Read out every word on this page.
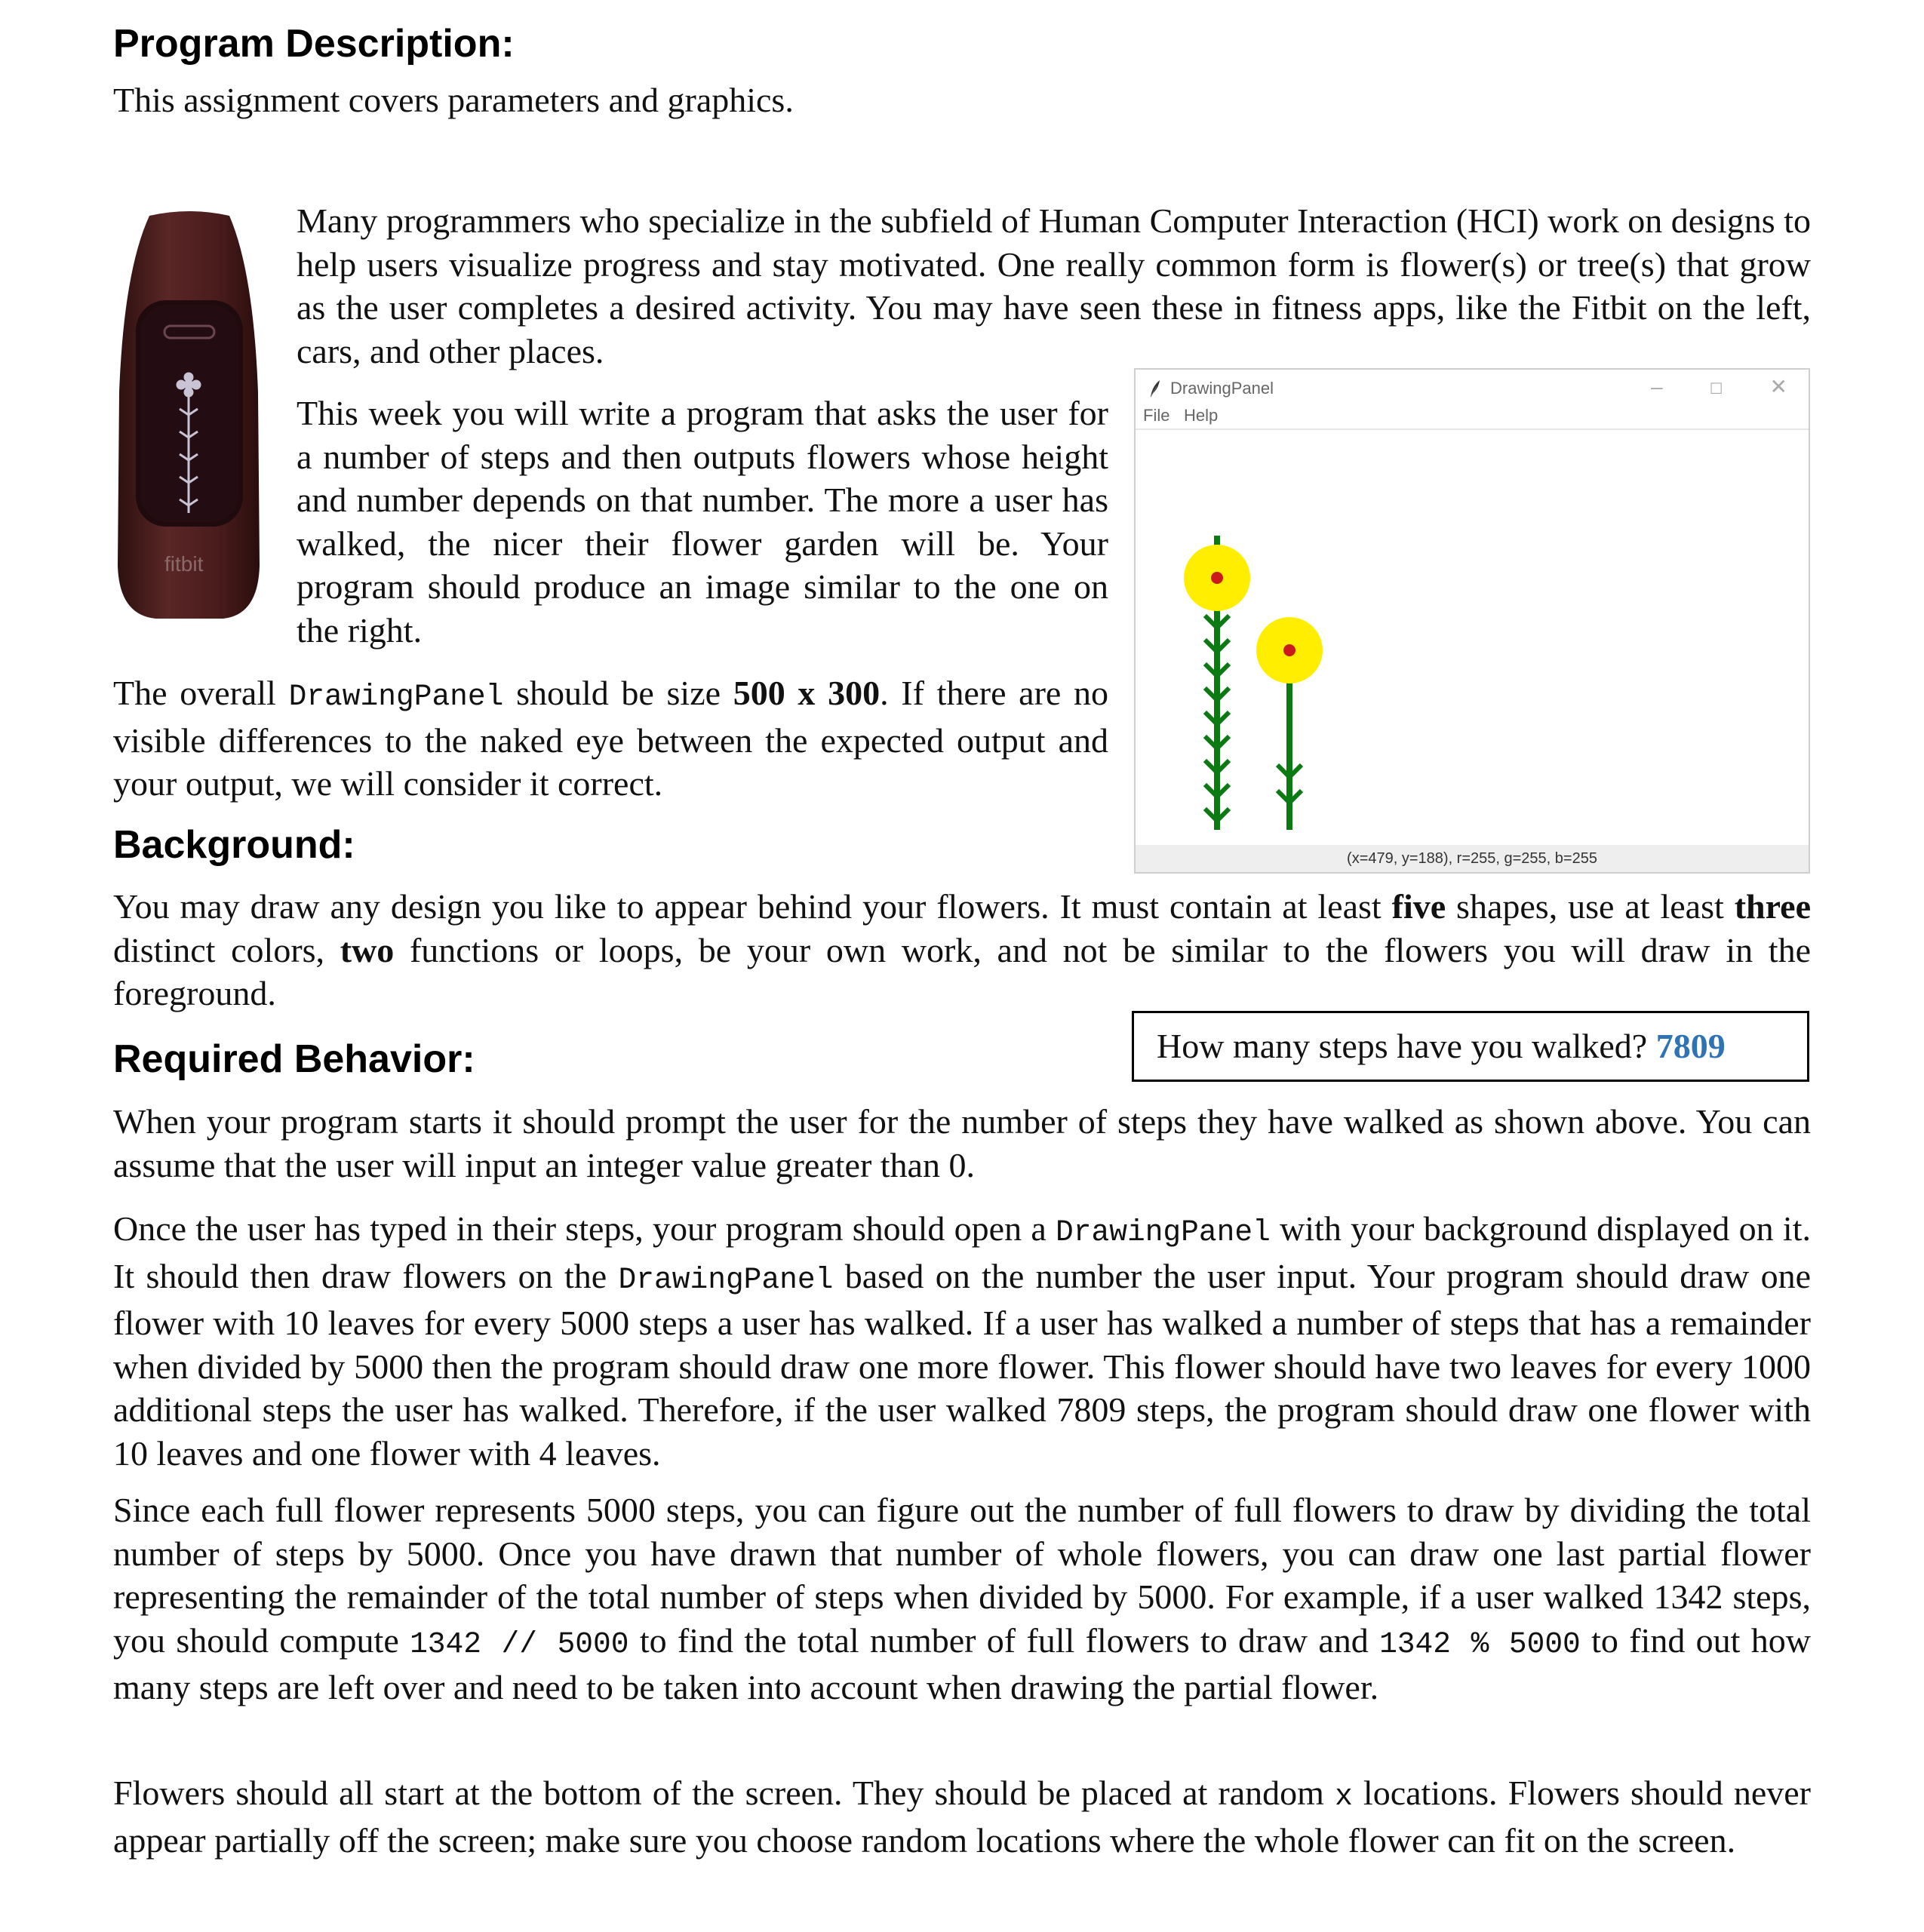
Program Description:

This assignment covers parameters and graphics.

fitbit

Many programmers who specialize in the subfield of Human Computer Interaction (HCI) work on designs to help users visualize progress and stay motivated. One really common form is flower(s) or tree(s) that grow as the user completes a desired activity. You may have seen these in fitness apps, like the Fitbit on the left, cars, and other places.

This week you will write a program that asks the user for a number of steps and then outputs flowers whose height and number depends on that number. The more a user has walked, the nicer their flower garden will be. Your program should produce an image similar to the one on the right.

The overall DrawingPanel should be size 500 x 300. If there are no visible differences to the naked eye between the expected output and your output, we will consider it correct.

DrawingPanel	–☐✕
File Help
(x=479, y=188), r=255, g=255, b=255
Background:

You may draw any design you like to appear behind your flowers. It must contain at least five shapes, use at least three distinct colors, two functions or loops, be your own work, and not be similar to the flowers you will draw in the foreground.

How many steps have you walked? 7809
Required Behavior:

When your program starts it should prompt the user for the number of steps they have walked as shown above. You can assume that the user will input an integer value greater than 0.

Once the user has typed in their steps, your program should open a DrawingPanel with your background displayed on it. It should then draw flowers on the DrawingPanel based on the number the user input. Your program should draw one flower with 10 leaves for every 5000 steps a user has walked. If a user has walked a number of steps that has a remainder when divided by 5000 then the program should draw one more flower. This flower should have two leaves for every 1000 additional steps the user has walked. Therefore, if the user walked 7809 steps, the program should draw one flower with 10 leaves and one flower with 4 leaves.

Since each full flower represents 5000 steps, you can figure out the number of full flowers to draw by dividing the total number of steps by 5000. Once you have drawn that number of whole flowers, you can draw one last partial flower representing the remainder of the total number of steps when divided by 5000. For example, if a user walked 1342 steps, you should compute 1342 // 5000 to find the total number of full flowers to draw and 1342 % 5000 to find out how many steps are left over and need to be taken into account when drawing the partial flower.

Flowers should all start at the bottom of the screen. They should be placed at random x locations. Flowers should never appear partially off the screen; make sure you choose random locations where the whole flower can fit on the screen.
